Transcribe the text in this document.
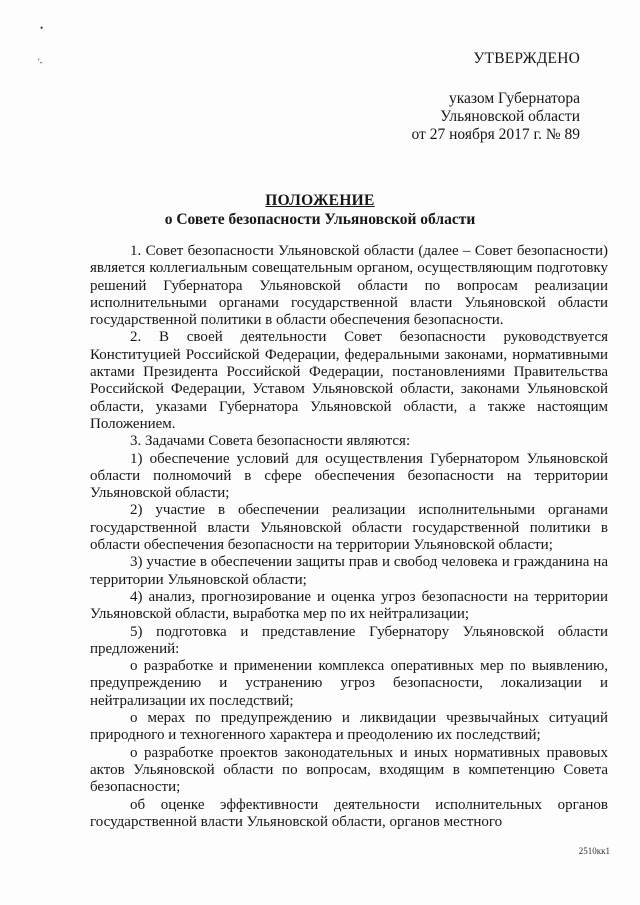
•
'-	УТВЕРЖДЕНО

указом Губернатора

Ульяновской области

от 27 ноября 2017 г. № 89

ПОЛОЖЕНИЕ
о Совете безопасности Ульяновской области

1. Совет безопасности Ульяновской области (далее – Совет безопасности) является коллегиальным совещательным органом, осуществляющим подготовку решений Губернатора Ульяновской области по вопросам реализации исполнительными органами государственной власти Ульяновской области государственной политики в области обеспечения безопасности.

2. В своей деятельности Совет безопасности руководствуется Конституцией Российской Федерации, федеральными законами, нормативными актами Президента Российской Федерации, постановлениями Правительства Российской Федерации, Уставом Ульяновской области, законами Ульяновской области, указами Губернатора Ульяновской области, а также настоящим Положением.

3. Задачами Совета безопасности являются:

1) обеспечение условий для осуществления Губернатором Ульяновской области полномочий в сфере обеспечения безопасности на территории Ульяновской области;

2) участие в обеспечении реализации исполнительными органами государственной власти Ульяновской области государственной политики в области обеспечения безопасности на территории Ульяновской области;

3) участие в обеспечении защиты прав и свобод человека и гражданина на территории Ульяновской области;

4) анализ, прогнозирование и оценка угроз безопасности на территории Ульяновской области, выработка мер по их нейтрализации;

5) подготовка и представление Губернатору Ульяновской области предложений:

о разработке и применении комплекса оперативных мер по выявлению, предупреждению и устранению угроз безопасности, локализации и нейтрализации их последствий;

о мерах по предупреждению и ликвидации чрезвычайных ситуаций природного и техногенного характера и преодолению их последствий;

о разработке проектов законодательных и иных нормативных правовых актов Ульяновской области по вопросам, входящим в компетенцию Совета безопасности;

об оценке эффективности деятельности исполнительных органов государственной власти Ульяновской области, органов местного

2510кк1
